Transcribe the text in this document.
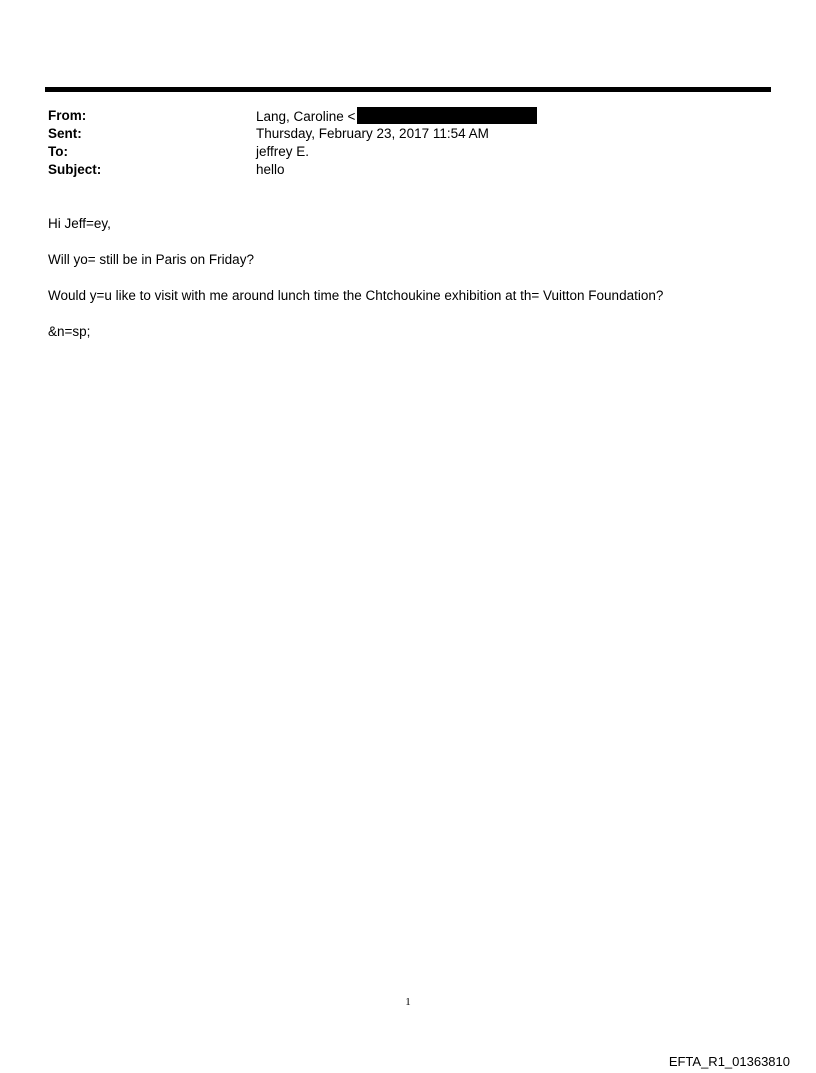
From:	Lang, Caroline <
Sent:	Thursday, February 23, 2017 11:54 AM
To:	jeffrey E.
Subject:	hello

Hi Jeff=ey,

Will yo= still be in Paris on Friday?

Would y=u like to visit with me around lunch time the Chtchoukine exhibition at th= Vuitton Foundation?

&n=sp;

1
EFTA_R1_01363810
